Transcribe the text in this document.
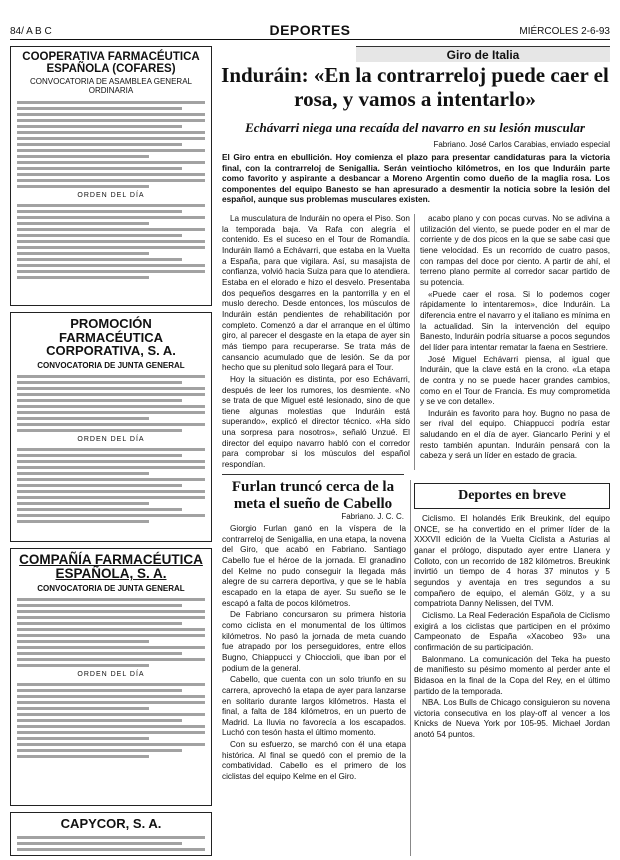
84/ A B C	DEPORTES	MIÉRCOLES 2-6-93
COOPERATIVA FARMACÉUTICA ESPAÑOLA (COFARES)
CONVOCATORIA DE ASAMBLEA GENERAL ORDINARIA
ORDEN DEL DÍA
PROMOCIÓN FARMACÉUTICA CORPORATIVA, S. A.
CONVOCATORIA DE JUNTA GENERAL
ORDEN DEL DÍA
COMPAÑÍA FARMACÉUTICA ESPAÑOLA, S. A.
CONVOCATORIA DE JUNTA GENERAL
ORDEN DEL DÍA
CAPYCOR, S. A.
Giro de Italia
Induráin: «En la contrarreloj puede caer el rosa, y vamos a intentarlo»
Echávarri niega una recaída del navarro en su lesión muscular
Fabriano. José Carlos Carabias, enviado especial
El Giro entra en ebullición. Hoy comienza el plazo para presentar candidaturas para la victoria final, con la contrarreloj de Senigallia. Serán veintiocho kilómetros, en los que Induráin parte como favorito y aspirante a desbancar a Moreno Argentin como dueño de la maglia rosa. Los componentes del equipo Banesto se han apresurado a desmentir la noticia sobre la lesión del español, aunque sus problemas musculares existen.

La musculatura de Induráin no opera el Piso. Son la temporada baja. Va Rafa con alegría el contenido. Es el suceso en el Tour de Romandía. Induráin llamó a Echávarri, que estaba en la Vuelta a España, para que vigilara. Así, su masajista de confianza, volvió hacia Suiza para que lo atendiera. Estaba en el elorado e hizo el desvelo. Presentaba dos pequeños desgarres en la pantorrilla y en el muslo derecho. Desde entonces, los músculos de Induráin están pendientes de rehabilitación por completo. Comenzó a dar el arranque en el último giro, al parecer el desgaste en la etapa de ayer sin más tiempo para recuperarse. Se trata más de cansancio acumulado que de lesión. Se da por hecho que su plenitud solo llegará para el Tour.

Hoy la situación es distinta, por eso Echávarri, después de leer los rumores, los desmiente. «No se trata de que Miguel esté lesionado, sino de que tiene algunas molestias que Induráin está superando», explicó el director técnico. «Ha sido una sorpresa para nosotros», señaló Unzué. El director del equipo navarro habló con el corredor para comprobar si los músculos del español respondían.

acabo plano y con pocas curvas. No se adivina a utilización del viento, se puede poder en el mar de corriente y de dos picos en la que se sabe casi que tiene velocidad. Es un recorrido de cuatro pasos, con rampas del doce por ciento. A partir de ahí, el terreno plano permite al corredor sacar partido de su potencia.

«Puede caer el rosa. Si lo podemos coger rápidamente lo intentaremos», dice Induráin. La diferencia entre el navarro y el italiano es mínima en la actualidad. Sin la intervención del equipo Banesto, Induráin podría situarse a pocos segundos del líder para intentar rematar la faena en Sestriere.

José Miguel Echávarri piensa, al igual que Induráin, que la clave está en la crono. «La etapa de contra y no se puede hacer grandes cambios, como en el Tour de Francia. Es muy comprometida y se ve con detalle».

Induráin es favorito para hoy. Bugno no pasa de ser rival del equipo. Chiappucci podría estar saludando en el día de ayer. Giancarlo Perini y el resto también apuntan. Induráin pensará con la cabeza y será un líder en estado de gracia.

Furlan truncó cerca de la meta el sueño de Cabello
Fabriano. J. C. C.

Giorgio Furlan ganó en la víspera de la contrarreloj de Senigallia, en una etapa, la novena del Giro, que acabó en Fabriano. Santiago Cabello fue el héroe de la jornada. El granadino del Kelme no pudo conseguir la llegada más alegre de su carrera deportiva, y que se le había escapado en la etapa de ayer. Su sueño se le escapó a falta de pocos kilómetros.

De Fabriano concursaron su primera historia como ciclista en el monumental de los últimos kilómetros. No pasó la jornada de meta cuando fue atrapado por los perseguidores, entre ellos Bugno, Chiappucci y Chioccioli, que iban por el podium de la general.

Cabello, que cuenta con un solo triunfo en su carrera, aprovechó la etapa de ayer para lanzarse en solitario durante largos kilómetros. Hasta el final, a falta de 184 kilómetros, en un puerto de Madrid. La lluvia no favorecía a los escapados. Luchó con tesón hasta el último momento.

Con su esfuerzo, se marchó con él una etapa histórica. Al final se quedó con el premio de la combatividad. Cabello es el primero de los ciclistas del equipo Kelme en el Giro.

Deportes en breve

Ciclismo. El holandés Erik Breukink, del equipo ONCE, se ha convertido en el primer líder de la XXXVII edición de la Vuelta Ciclista a Asturias al ganar el prólogo, disputado ayer entre Llanera y Colloto, con un recorrido de 182 kilómetros. Breukink invirtió un tiempo de 4 horas 37 minutos y 5 segundos y aventaja en tres segundos a su compañero de equipo, el alemán Gölz, y a su compatriota Danny Nelissen, del TVM.

Ciclismo. La Real Federación Española de Ciclismo exigirá a los ciclistas que participen en el próximo Campeonato de España «Xacobeo 93» una confirmación de su participación.

Balonmano. La comunicación del Teka ha puesto de manifiesto su pésimo momento al perder ante el Bidasoa en la final de la Copa del Rey, en el último partido de la temporada.

NBA. Los Bulls de Chicago consiguieron su novena victoria consecutiva en los play-off al vencer a los Knicks de Nueva York por 105-95. Michael Jordan anotó 54 puntos.
